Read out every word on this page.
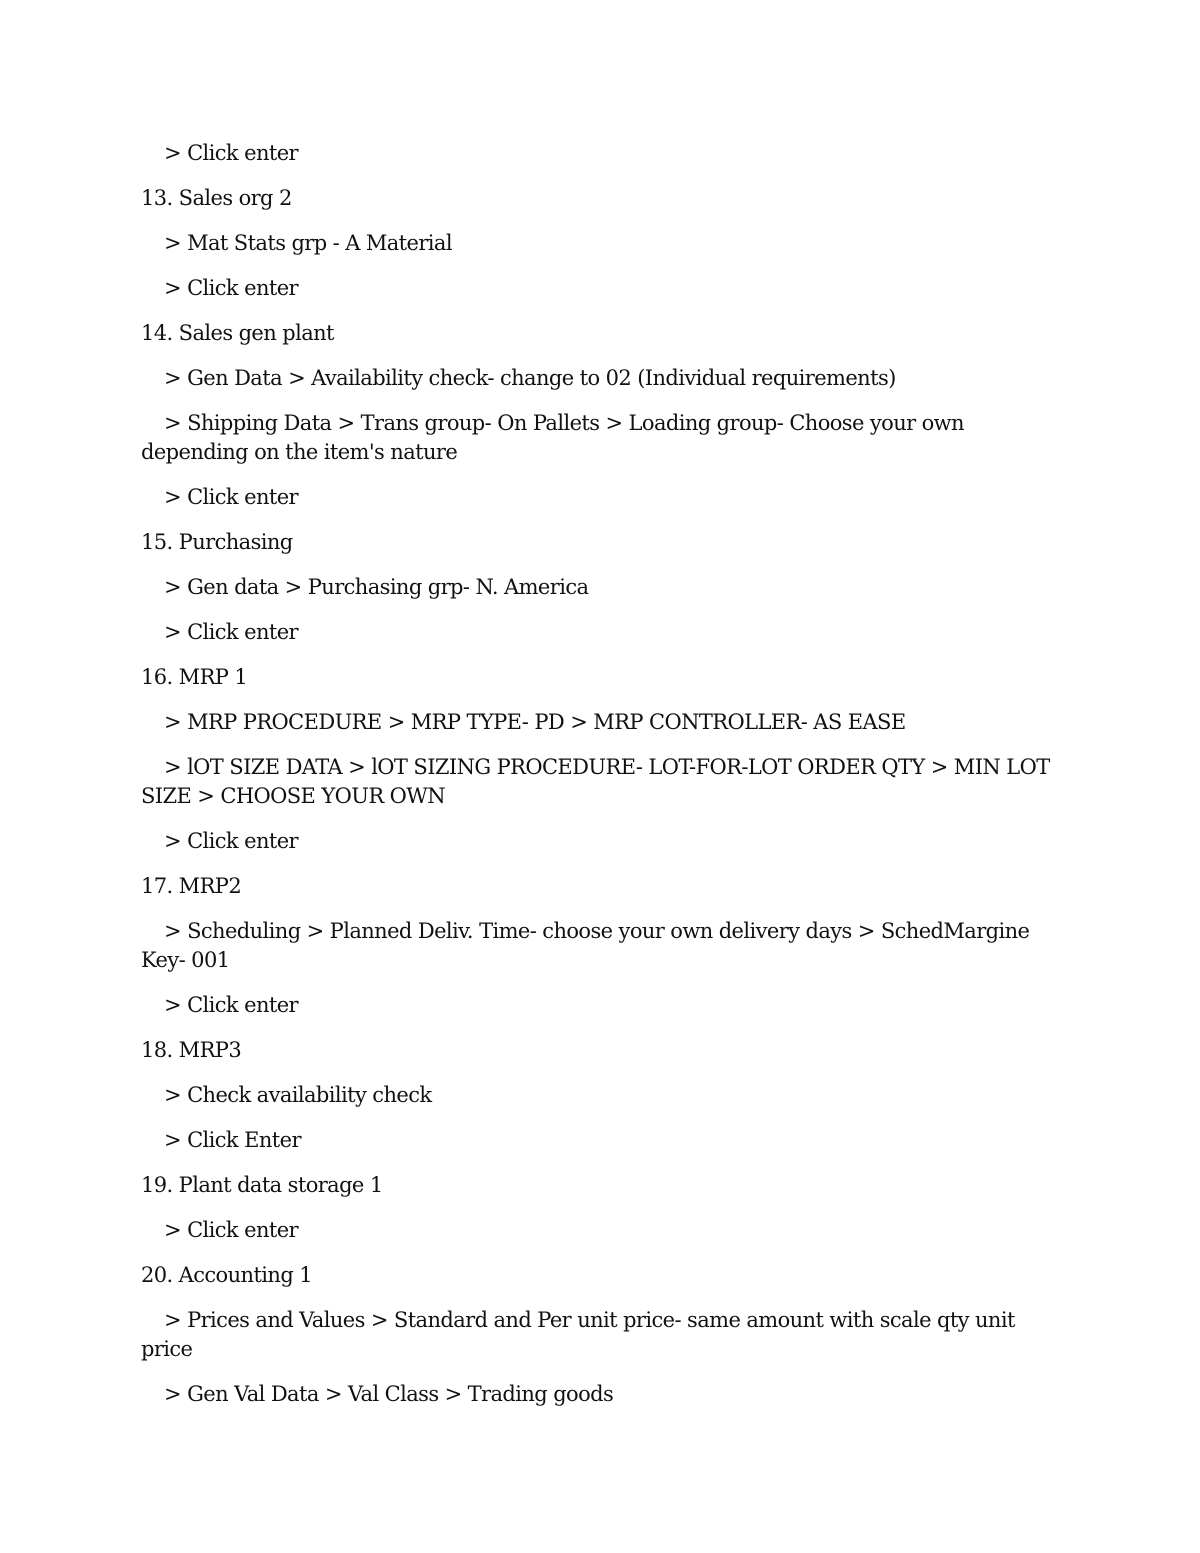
> Click enter

13. Sales org 2

> Mat Stats grp - A Material

> Click enter

14. Sales gen plant

> Gen Data > Availability check- change to 02 (Individual requirements)

> Shipping Data > Trans group- On Pallets > Loading group- Choose your own depending on the item's nature

> Click enter

15. Purchasing

> Gen data > Purchasing grp- N. America

> Click enter

16. MRP 1

> MRP PROCEDURE > MRP TYPE- PD > MRP CONTROLLER- AS EASE

> lOT SIZE DATA > lOT SIZING PROCEDURE- LOT-FOR-LOT ORDER QTY > MIN LOT SIZE > CHOOSE YOUR OWN

> Click enter

17. MRP2

> Scheduling > Planned Deliv. Time- choose your own delivery days > SchedMargine Key- 001

> Click enter

18. MRP3

> Check availability check

> Click Enter

19. Plant data storage 1

> Click enter

20. Accounting 1

> Prices and Values > Standard and Per unit price- same amount with scale qty unit price

> Gen Val Data > Val Class > Trading goods
